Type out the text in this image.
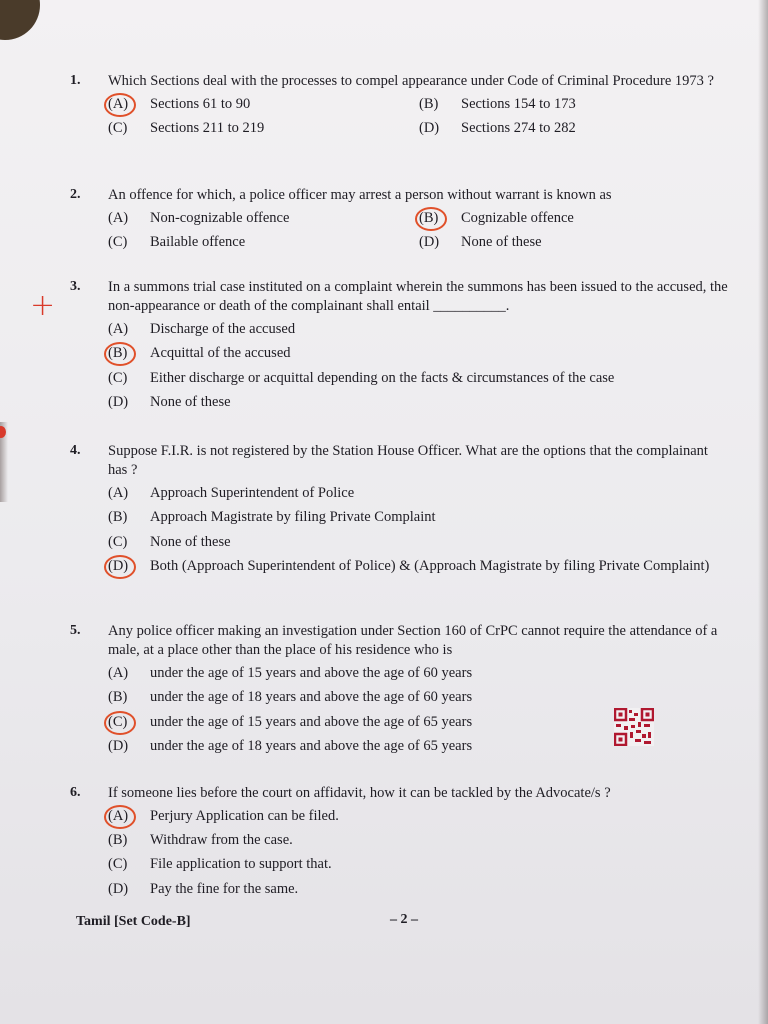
+
1. Which Sections deal with the processes to compel appearance under Code of Criminal Procedure 1973 ?
(A)	Sections 61 to 90	(B)	Sections 154 to 173
(C)	Sections 211 to 219	(D)	Sections 274 to 282
2. An offence for which, a police officer may arrest a person without warrant is known as
(A)	Non-cognizable offence	(B)	Cognizable offence
(C)	Bailable offence	(D)	None of these
3. In a summons trial case instituted on a complaint wherein the summons has been issued to the accused, the non-appearance or death of the complainant shall entail __________.
(A)	Discharge of the accused
(B)	Acquittal of the accused
(C)	Either discharge or acquittal depending on the facts & circumstances of the case
(D)	None of these
4. Suppose F.I.R. is not registered by the Station House Officer. What are the options that the complainant has ?
(A)	Approach Superintendent of Police
(B)	Approach Magistrate by filing Private Complaint
(C)	None of these
(D)	Both (Approach Superintendent of Police) & (Approach Magistrate by filing Private Complaint)
5. Any police officer making an investigation under Section 160 of CrPC cannot require the attendance of a male, at a place other than the place of his residence who is
(A)	under the age of 15 years and above the age of 60 years
(B)	under the age of 18 years and above the age of 60 years
(C)	under the age of 15 years and above the age of 65 years
(D)	under the age of 18 years and above the age of 65 years
6. If someone lies before the court on affidavit, how it can be tackled by the Advocate/s ?
(A)	Perjury Application can be filed.
(B)	Withdraw from the case.
(C)	File application to support that.
(D)	Pay the fine for the same.
Tamil [Set Code-B]	– 2 –
